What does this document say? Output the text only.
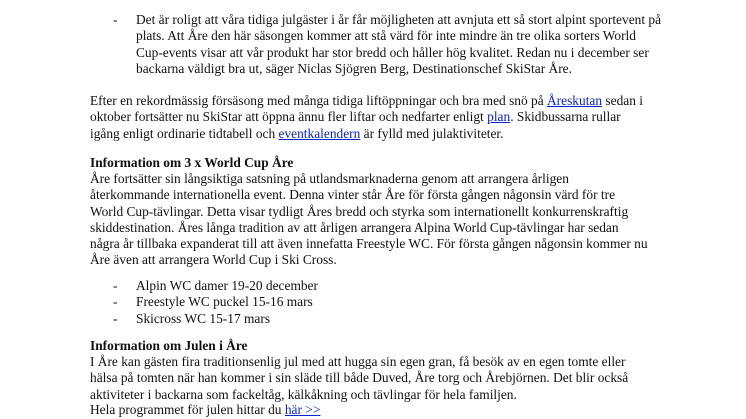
- Det är roligt att våra tidiga julgäster i år får möjligheten att avnjuta ett så stort alpint sportevent på plats. Att Åre den här säsongen kommer att stå värd för inte mindre än tre olika sorters World Cup-events visar att vår produkt har stor bredd och håller hög kvalitet. Redan nu i december ser backarna väldigt bra ut, säger Niclas Sjögren Berg, Destinationschef SkiStar Åre.

Efter en rekordmässig försäsong med många tidiga liftöppningar och bra med snö på Åreskutan sedan i oktober fortsätter nu SkiStar att öppna ännu fler liftar och nedfarter enligt plan. Skidbussarna rullar igång enligt ordinarie tidtabell och eventkalendern är fylld med julaktiviteter.

Information om 3 x World Cup Åre

Åre fortsätter sin långsiktiga satsning på utlandsmarknaderna genom att arrangera årligen återkommande internationella event. Denna vinter står Åre för första gången någonsin värd för tre World Cup-tävlingar. Detta visar tydligt Åres bredd och styrka som internationellt konkurrenskraftig skiddestination. Åres långa tradition av att årligen arrangera Alpina World Cup-tävlingar har sedan några år tillbaka expanderat till att även innefatta Freestyle WC. För första gången någonsin kommer nu Åre även att arrangera World Cup i Ski Cross.

- Alpin WC damer 19-20 december
- Freestyle WC puckel 15-16 mars
- Skicross WC 15-17 mars

Information om Julen i Åre

I Åre kan gästen fira traditionsenlig jul med att hugga sin egen gran, få besök av en egen tomte eller hälsa på tomten när han kommer i sin släde till både Duved, Åre torg och Årebjörnen. Det blir också aktiviteter i backarna som fackeltåg, kälkåkning och tävlingar för hela familjen.

Hela programmet för julen hittar du här >>
